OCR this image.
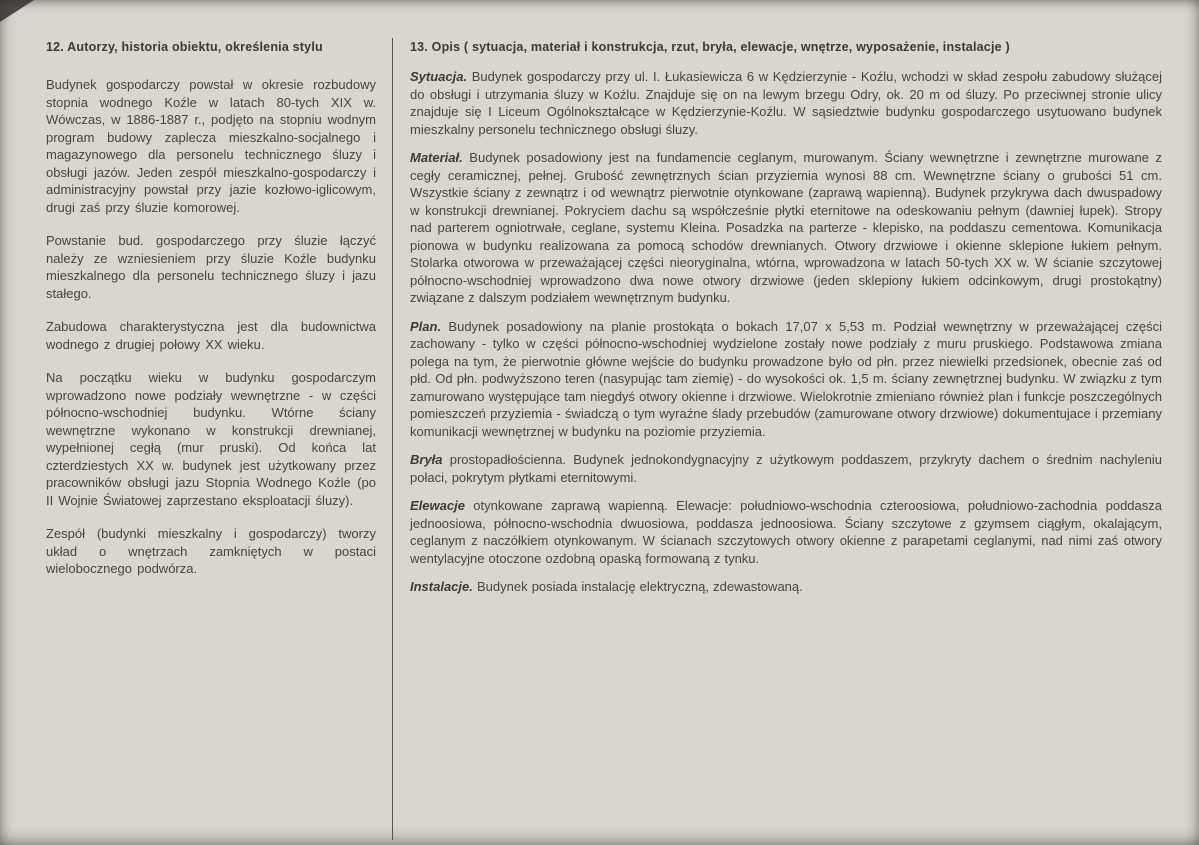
12. Autorzy, historia obiektu, określenia stylu

Budynek gospodarczy powstał w okresie rozbudowy stopnia wodnego Koźle w latach 80-tych XIX w. Wówczas, w 1886-1887 r., podjęto na stopniu wodnym program budowy zaplecza mieszkalno-socjalnego i magazynowego dla personelu technicznego śluzy i obsługi jazów. Jeden zespół mieszkalno-gospodarczy i administracyjny powstał przy jazie kozłowo-iglicowym, drugi zaś przy śluzie komorowej.

Powstanie bud. gospodarczego przy śluzie łączyć należy ze wzniesieniem przy śluzie Koźle budynku mieszkalnego dla personelu technicznego śluzy i jazu stałego.

Zabudowa charakterystyczna jest dla budownictwa wodnego z drugiej połowy XX wieku.

Na początku wieku w budynku gospodarczym wprowadzono nowe podziały wewnętrzne - w części północno-wschodniej budynku. Wtórne ściany wewnętrzne wykonano w konstrukcji drewnianej, wypełnionej cegłą (mur pruski). Od końca lat czterdziestych XX w. budynek jest użytkowany przez pracowników obsługi jazu Stopnia Wodnego Koźle (po II Wojnie Światowej zaprzestano eksploatacji śluzy).

Zespół (budynki mieszkalny i gospodarczy) tworzy układ o wnętrzach zamkniętych w postaci wielobocznego podwórza.

13. Opis ( sytuacja, materiał i konstrukcja, rzut, bryła, elewacje, wnętrze, wyposażenie, instalacje )

Sytuacja. Budynek gospodarczy przy ul. I. Łukasiewicza 6 w Kędzierzynie - Koźlu, wchodzi w skład zespołu zabudowy służącej do obsługi i utrzymania śluzy w Koźlu. Znajduje się on na lewym brzegu Odry, ok. 20 m od śluzy. Po przeciwnej stronie ulicy znajduje się I Liceum Ogólnokształcące w Kędzierzynie-Koźlu. W sąsiedztwie budynku gospodarczego usytuowano budynek mieszkalny personelu technicznego obsługi śluzy.

Materiał. Budynek posadowiony jest na fundamencie ceglanym, murowanym. Ściany wewnętrzne i zewnętrzne murowane z cegły ceramicznej, pełnej. Grubość zewnętrznych ścian przyziemia wynosi 88 cm. Wewnętrzne ściany o grubości 51 cm. Wszystkie ściany z zewnątrz i od wewnątrz pierwotnie otynkowane (zaprawą wapienną). Budynek przykrywa dach dwuspadowy w konstrukcji drewnianej. Pokryciem dachu są współcześnie płytki eternitowe na odeskowaniu pełnym (dawniej łupek). Stropy nad parterem ogniotrwałe, ceglane, systemu Kleina. Posadzka na parterze - klepisko, na poddaszu cementowa. Komunikacja pionowa w budynku realizowana za pomocą schodów drewnianych. Otwory drzwiowe i okienne sklepione łukiem pełnym. Stolarka otworowa w przeważającej części nieoryginalna, wtórna, wprowadzona w latach 50-tych XX w. W ścianie szczytowej północno-wschodniej wprowadzono dwa nowe otwory drzwiowe (jeden sklepiony łukiem odcinkowym, drugi prostokątny) związane z dalszym podziałem wewnętrznym budynku.

Plan. Budynek posadowiony na planie prostokąta o bokach 17,07 x 5,53 m. Podział wewnętrzny w przeważającej części zachowany - tylko w części północno-wschodniej wydzielone zostały nowe podziały z muru pruskiego. Podstawowa zmiana polega na tym, że pierwotnie główne wejście do budynku prowadzone było od płn. przez niewielki przedsionek, obecnie zaś od płd. Od płn. podwyższono teren (nasypując tam ziemię) - do wysokości ok. 1,5 m. ściany zewnętrznej budynku. W związku z tym zamurowano występujące tam niegdyś otwory okienne i drzwiowe. Wielokrotnie zmieniano również plan i funkcje poszczególnych pomieszczeń przyziemia - świadczą o tym wyraźne ślady przebudów (zamurowane otwory drzwiowe) dokumentujace i przemiany komunikacji wewnętrznej w budynku na poziomie przyziemia.

Bryła prostopadłościenna. Budynek jednokondygnacyjny z użytkowym poddaszem, przykryty dachem o średnim nachyleniu połaci, pokrytym płytkami eternitowymi.

Elewacje otynkowane zaprawą wapienną. Elewacje: południowo-wschodnia czteroosiowa, południowo-zachodnia poddasza jednoosiowa, północno-wschodnia dwuosiowa, poddasza jednoosiowa. Ściany szczytowe z gzymsem ciągłym, okalającym, ceglanym z naczółkiem otynkowanym. W ścianach szczytowych otwory okienne z parapetami ceglanymi, nad nimi zaś otwory wentylacyjne otoczone ozdobną opaską formowaną z tynku.

Instalacje. Budynek posiada instalację elektryczną, zdewastowaną.
